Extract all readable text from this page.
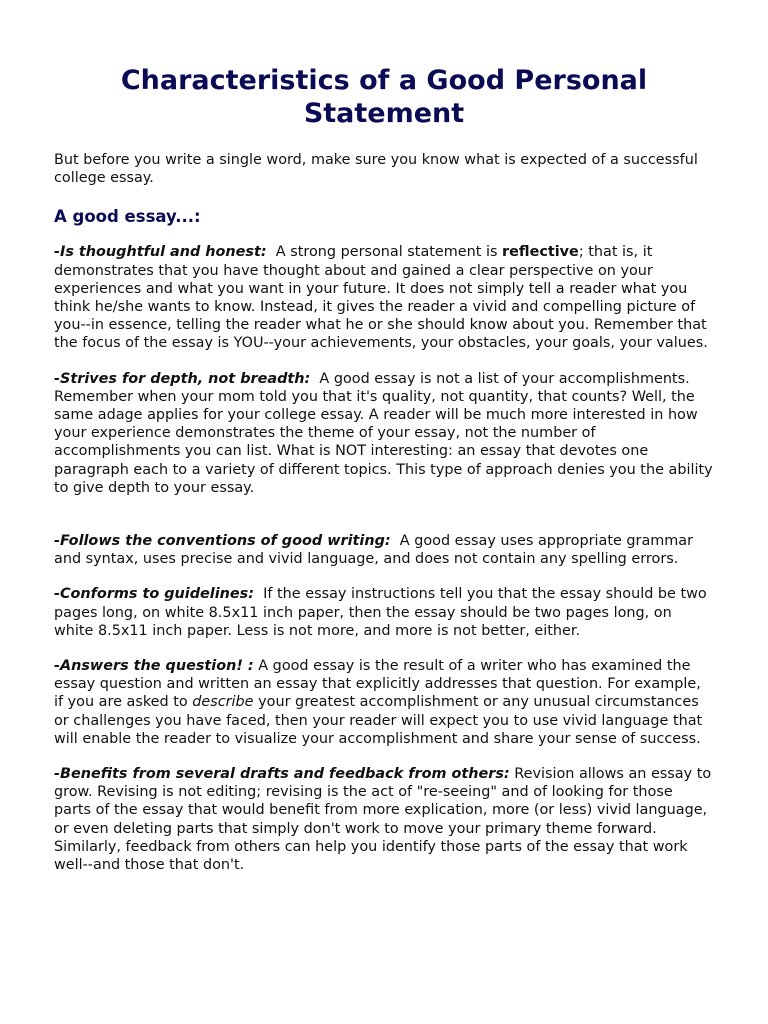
Characteristics of a Good Personal Statement

But before you write a single word, make sure you know what is expected of a successful college essay.

A good essay...:

-Is thoughtful and honest: A strong personal statement is reflective; that is, it demonstrates that you have thought about and gained a clear perspective on your experiences and what you want in your future. It does not simply tell a reader what you think he/she wants to know. Instead, it gives the reader a vivid and compelling picture of you--in essence, telling the reader what he or she should know about you. Remember that the focus of the essay is YOU--your achievements, your obstacles, your goals, your values.

-Strives for depth, not breadth: A good essay is not a list of your accomplishments. Remember when your mom told you that it's quality, not quantity, that counts? Well, the same adage applies for your college essay. A reader will be much more interested in how your experience demonstrates the theme of your essay, not the number of accomplishments you can list. What is NOT interesting: an essay that devotes one paragraph each to a variety of different topics. This type of approach denies you the ability to give depth to your essay.

-Follows the conventions of good writing: A good essay uses appropriate grammar and syntax, uses precise and vivid language, and does not contain any spelling errors.

-Conforms to guidelines: If the essay instructions tell you that the essay should be two pages long, on white 8.5x11 inch paper, then the essay should be two pages long, on white 8.5x11 inch paper. Less is not more, and more is not better, either.

-Answers the question! : A good essay is the result of a writer who has examined the essay question and written an essay that explicitly addresses that question. For example, if you are asked to describe your greatest accomplishment or any unusual circumstances or challenges you have faced, then your reader will expect you to use vivid language that will enable the reader to visualize your accomplishment and share your sense of success.

-Benefits from several drafts and feedback from others: Revision allows an essay to grow. Revising is not editing; revising is the act of "re-seeing" and of looking for those parts of the essay that would benefit from more explication, more (or less) vivid language, or even deleting parts that simply don't work to move your primary theme forward. Similarly, feedback from others can help you identify those parts of the essay that work well--and those that don't.
